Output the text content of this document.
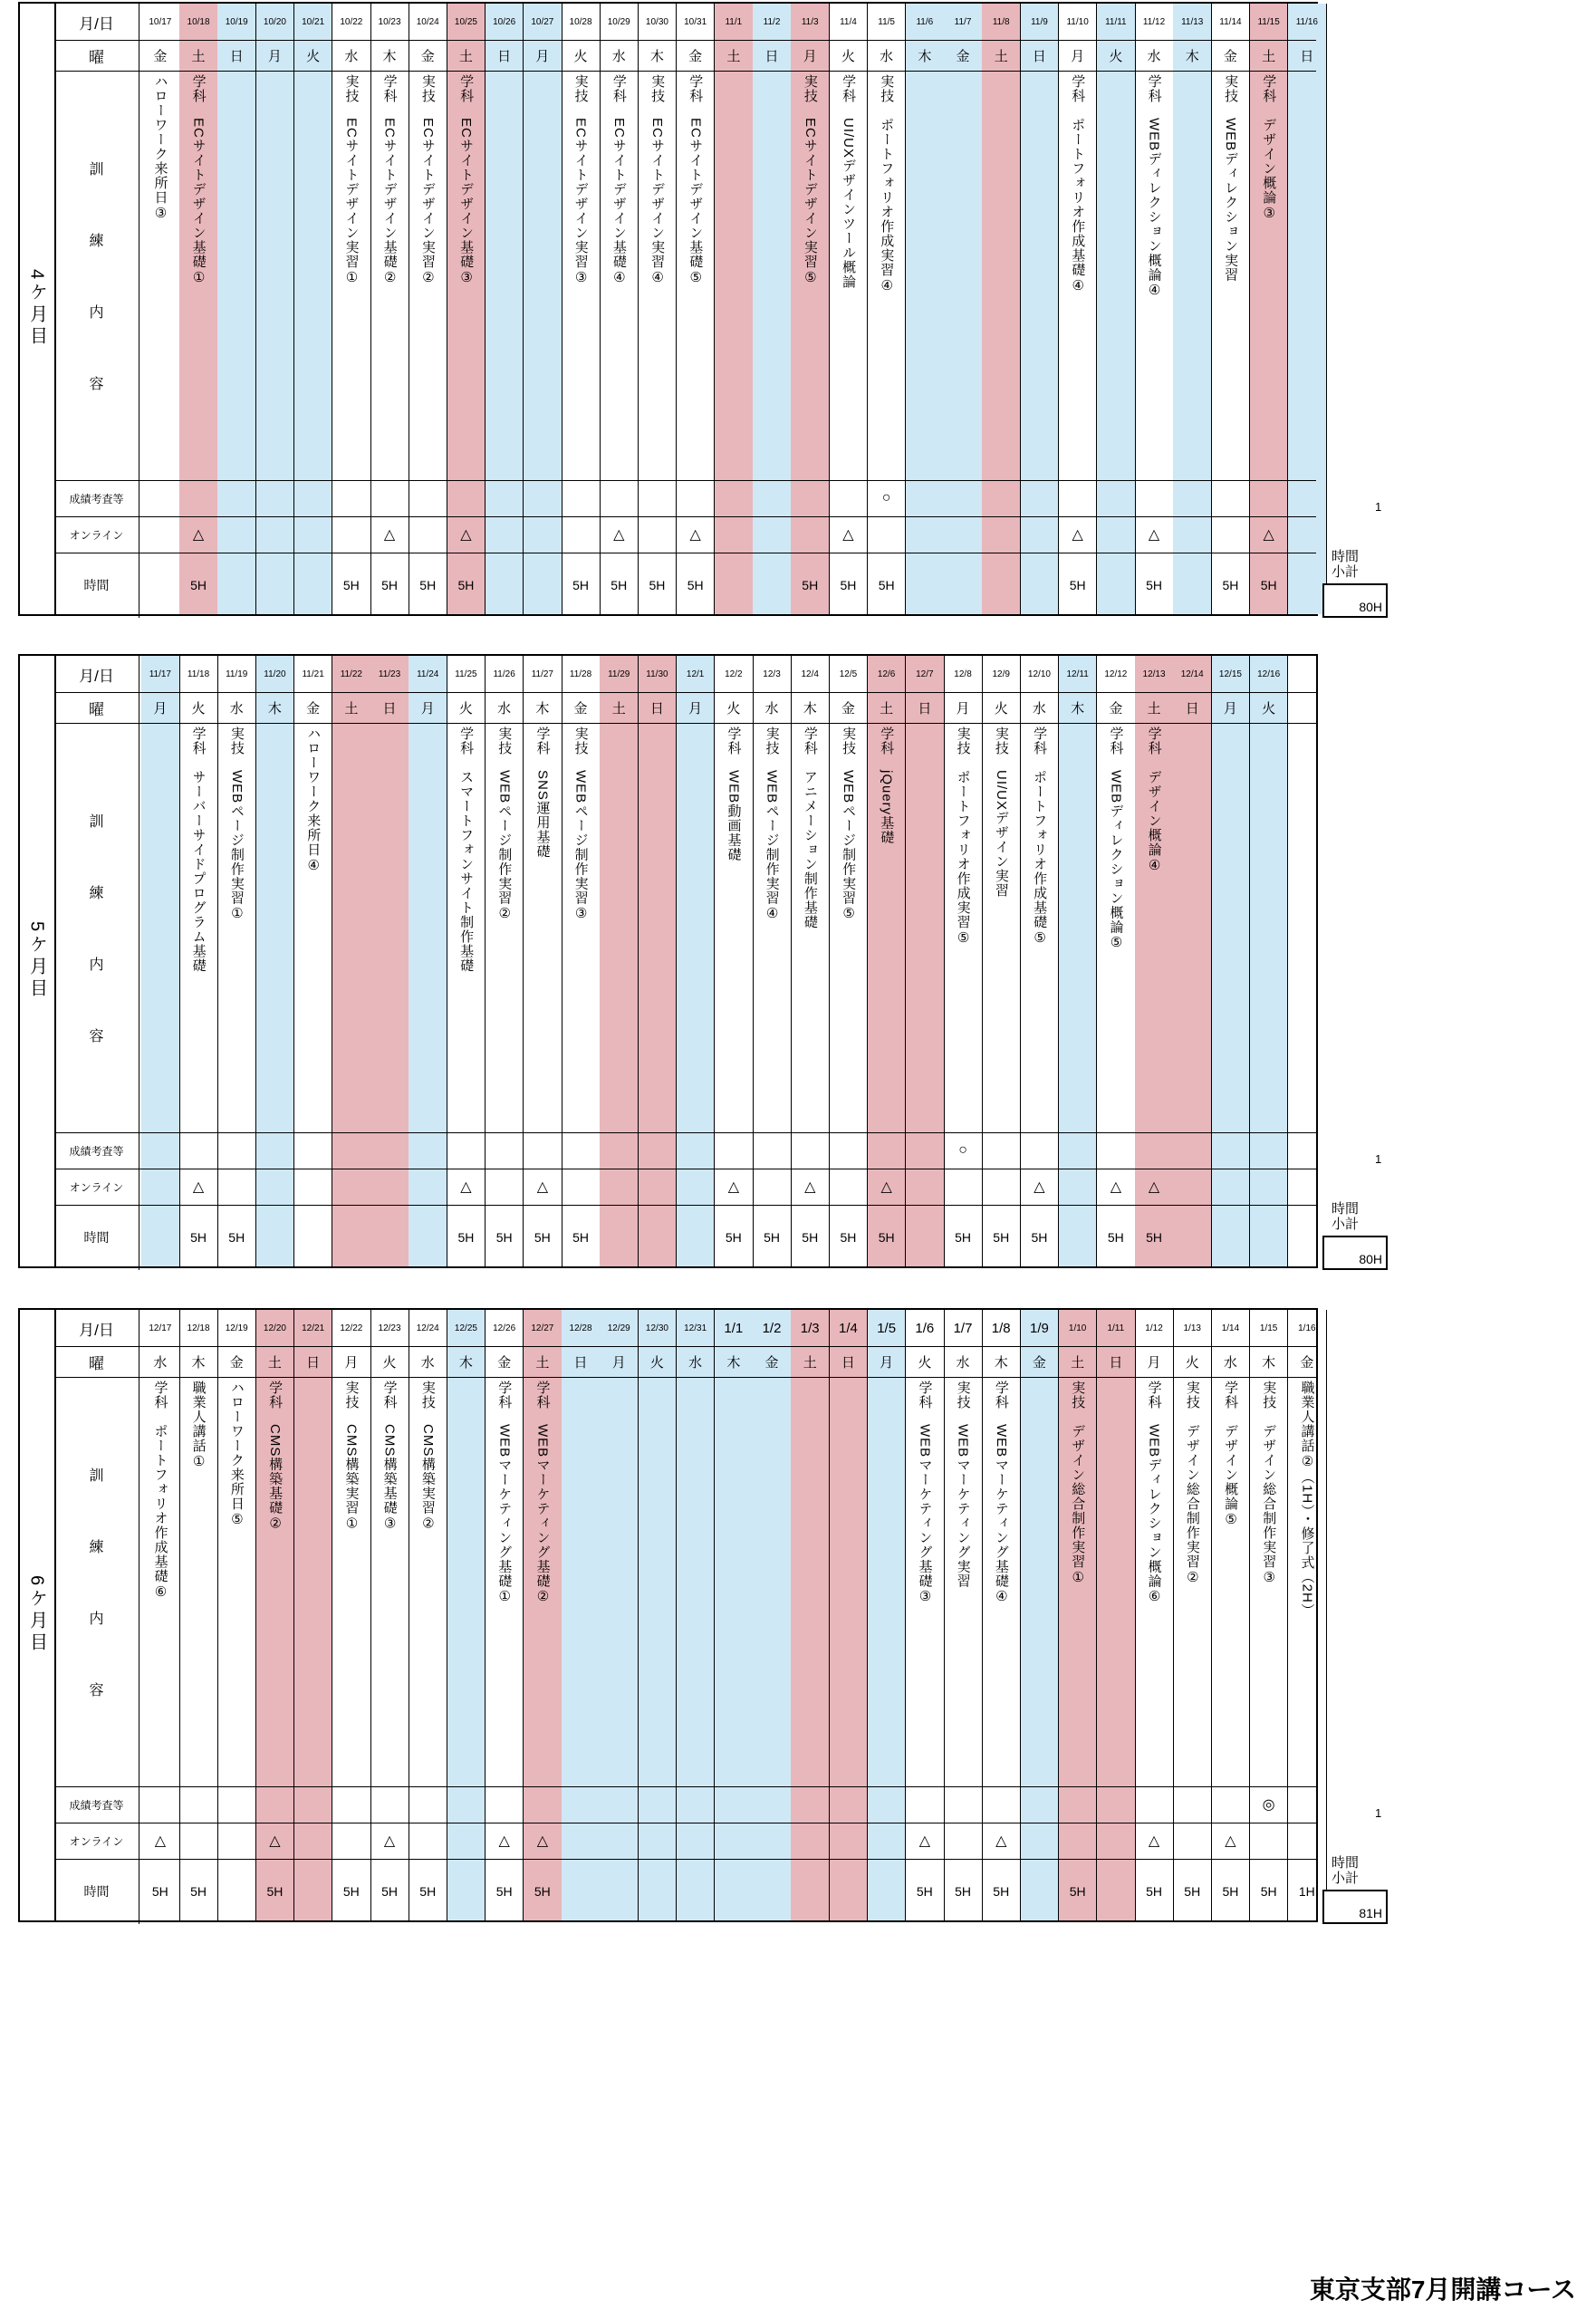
4ケ月目
10/17
金
ハローワーク来所日③
10/18
土
学科　ECサイトデザイン基礎①
△
5H
10/19
日
10/20
月
10/21
火
10/22
水
実技　ECサイトデザイン実習①
5H
10/23
木
学科　ECサイトデザイン基礎②
△
5H
10/24
金
実技　ECサイトデザイン実習②
5H
10/25
土
学科　ECサイトデザイン基礎③
△
5H
10/26
日
10/27
月
10/28
火
実技　ECサイトデザイン実習③
5H
10/29
水
学科　ECサイトデザイン基礎④
△
5H
10/30
木
実技　ECサイトデザイン実習④
5H
10/31
金
学科　ECサイトデザイン基礎⑤
△
5H
11/1
土
11/2
日
11/3
月
実技　ECサイトデザイン実習⑤
5H
11/4
火
学科　UI/UXデザインツール概論
△
5H
11/5
水
実技　ポートフォリオ作成実習④
○
5H
11/6
木
11/7
金
11/8
土
11/9
日
11/10
月
学科　ポートフォリオ作成基礎④
△
5H
11/11
火
11/12
水
学科　WEBディレクション概論④
△
5H
11/13
木
11/14
金
実技　WEBディレクション実習
5H
11/15
土
学科　デザイン概論③
△
5H
11/16
日
月/日
曜
訓
練
内
容
成績考査等
オンライン
時間
5ケ月目
11/17
月
11/18
火
学科　サーバーサイドプログラム基礎
△
5H
11/19
水
実技　WEBページ制作実習①
5H
11/20
木
11/21
金
ハローワーク来所日④
11/22
土
11/23
日
11/24
月
11/25
火
学科　スマートフォンサイト制作基礎
△
5H
11/26
水
実技　WEBページ制作実習②
5H
11/27
木
学科　SNS運用基礎
△
5H
11/28
金
実技　WEBページ制作実習③
5H
11/29
土
11/30
日
12/1
月
12/2
火
学科　WEB動画基礎
△
5H
12/3
水
実技　WEBページ制作実習④
5H
12/4
木
学科　アニメーション制作基礎
△
5H
12/5
金
実技　WEBページ制作実習⑤
5H
12/6
土
学科　jQuery基礎
△
5H
12/7
日
12/8
月
実技　ポートフォリオ作成実習⑤
○
5H
12/9
火
実技　UI/UXデザイン実習
5H
12/10
水
学科　ポートフォリオ作成基礎⑤
△
5H
12/11
木
12/12
金
学科　WEBディレクション概論⑤
△
5H
12/13
土
学科　デザイン概論④
△
5H
12/14
日
12/15
月
12/16
火
月/日
曜
訓
練
内
容
成績考査等
オンライン
時間
6ケ月目
12/17
水
学科　ポートフォリオ作成基礎⑥
△
5H
12/18
木
職業人講話①
5H
12/19
金
ハローワーク来所日⑤
12/20
土
学科　CMS構築基礎②
△
5H
12/21
日
12/22
月
実技　CMS構築実習①
5H
12/23
火
学科　CMS構築基礎③
△
5H
12/24
水
実技　CMS構築実習②
5H
12/25
木
12/26
金
学科　WEBマーケティング基礎①
△
5H
12/27
土
学科　WEBマーケティング基礎②
△
5H
12/28
日
12/29
月
12/30
火
12/31
水
1/1
木
1/2
金
1/3
土
1/4
日
1/5
月
1/6
火
学科　WEBマーケティング基礎③
△
5H
1/7
水
実技　WEBマーケティング実習
5H
1/8
木
学科　WEBマーケティング基礎④
△
5H
1/9
金
1/10
土
実技　デザイン総合制作実習①
5H
1/11
日
1/12
月
学科　WEBディレクション概論⑥
△
5H
1/13
火
実技　デザイン総合制作実習②
5H
1/14
水
学科　デザイン概論⑤
△
5H
1/15
木
実技　デザイン総合制作実習③
◎
5H
1/16
金
職業人講話②（1H）・修了式（2H）
1H
月/日
曜
訓
練
内
容
成績考査等
オンライン
時間
東京支部7月開講コース
1
時間
小計
80H
1
時間
小計
80H
1
時間
小計
81H
